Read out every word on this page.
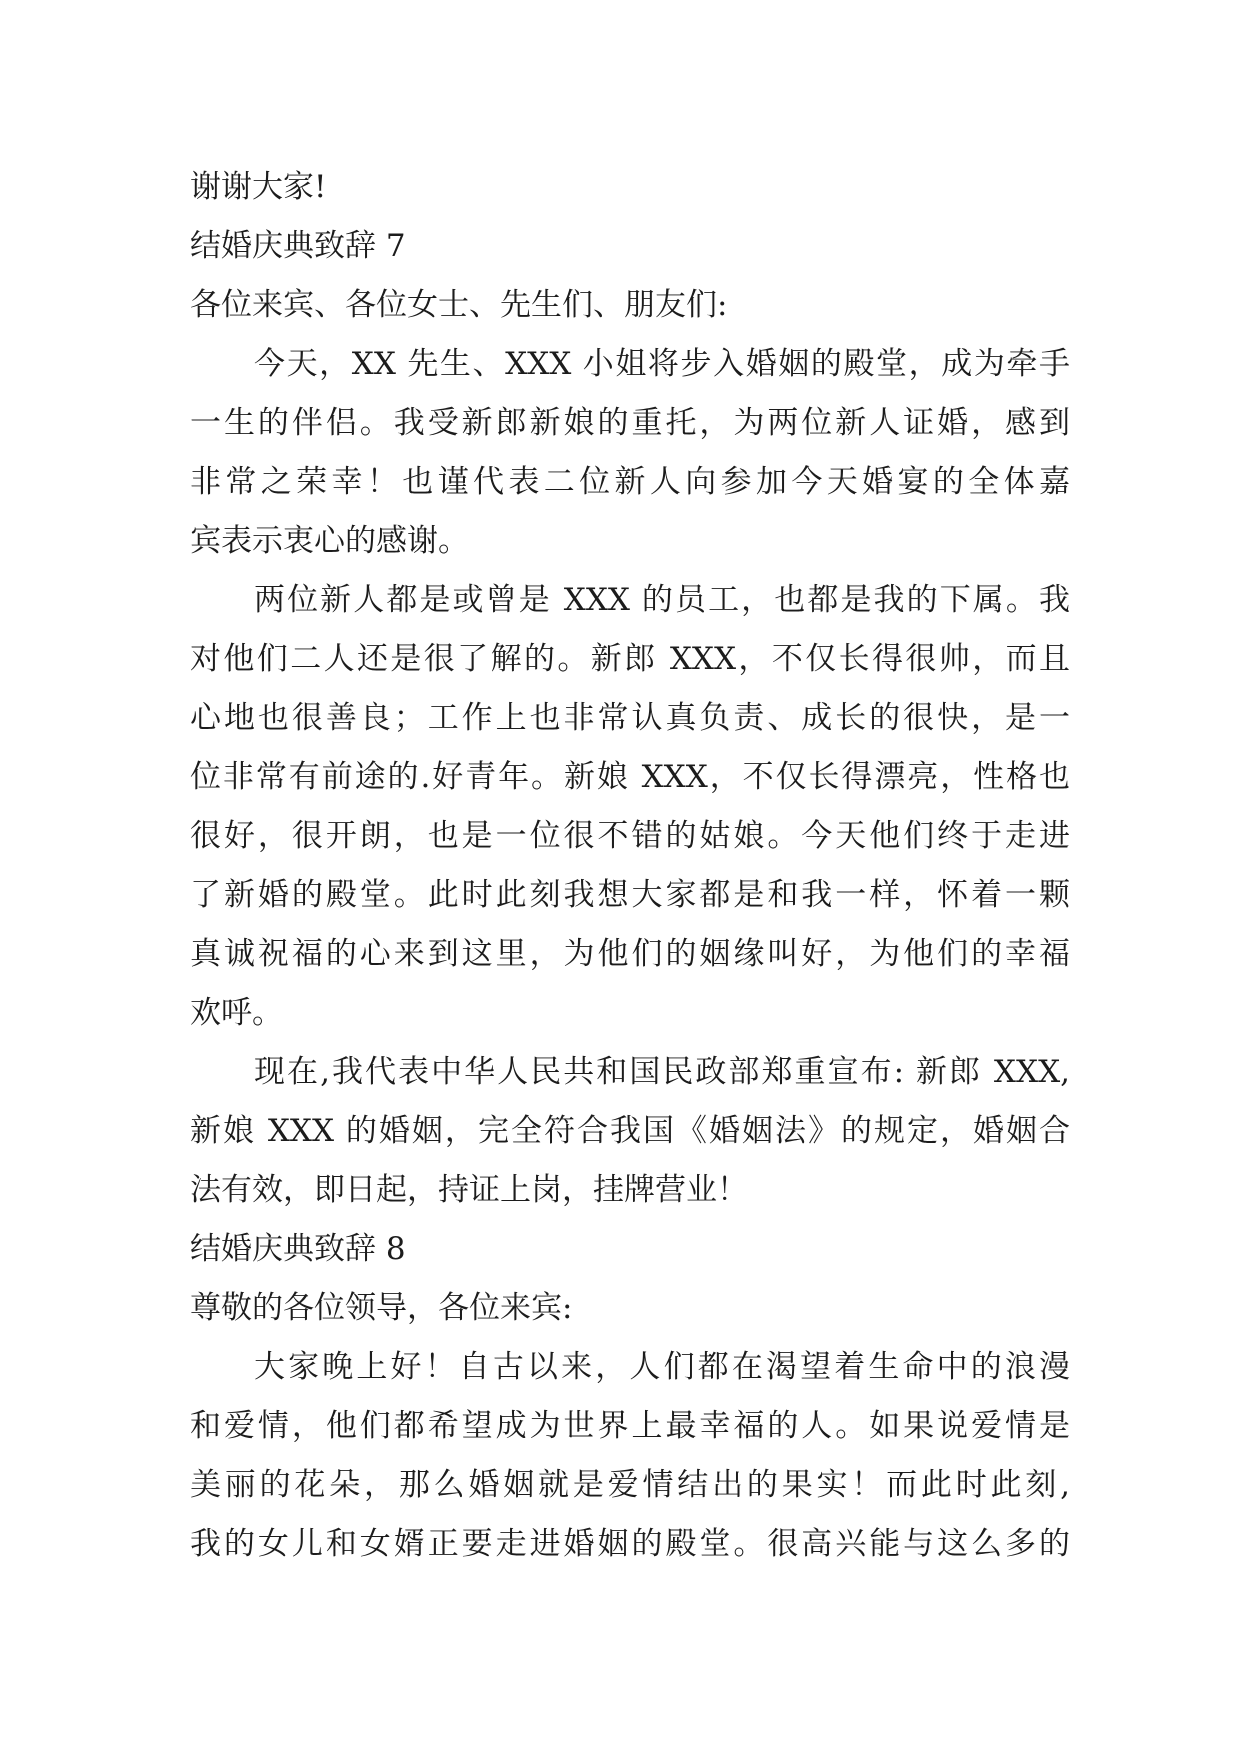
谢谢大家!
结婚庆典致辞 7
各位来宾、各位女士、先生们、朋友们:
今天，XX 先生、XXX 小姐将步入婚姻的殿堂，成为牵手
一生的伴侣。我受新郎新娘的重托，为两位新人证婚，感到
非常之荣幸！也谨代表二位新人向参加今天婚宴的全体嘉
宾表示衷心的感谢。
两位新人都是或曾是 XXX 的员工，也都是我的下属。我
对他们二人还是很了解的。新郎 XXX，不仅长得很帅，而且
心地也很善良；工作上也非常认真负责、成长的很快，是一
位非常有前途的.好青年。新娘 XXX，不仅长得漂亮，性格也
很好，很开朗，也是一位很不错的姑娘。今天他们终于走进
了新婚的殿堂。此时此刻我想大家都是和我一样，怀着一颗
真诚祝福的心来到这里，为他们的姻缘叫好，为他们的幸福
欢呼。
现在,我代表中华人民共和国民政部郑重宣布: 新郎 XXX,
新娘 XXX 的婚姻，完全符合我国《婚姻法》的规定，婚姻合
法有效，即日起，持证上岗，挂牌营业！
结婚庆典致辞 8
尊敬的各位领导，各位来宾:
大家晚上好！自古以来，人们都在渴望着生命中的浪漫
和爱情，他们都希望成为世界上最幸福的人。如果说爱情是
美丽的花朵，那么婚姻就是爱情结出的果实！而此时此刻,
我的女儿和女婿正要走进婚姻的殿堂。很高兴能与这么多的
